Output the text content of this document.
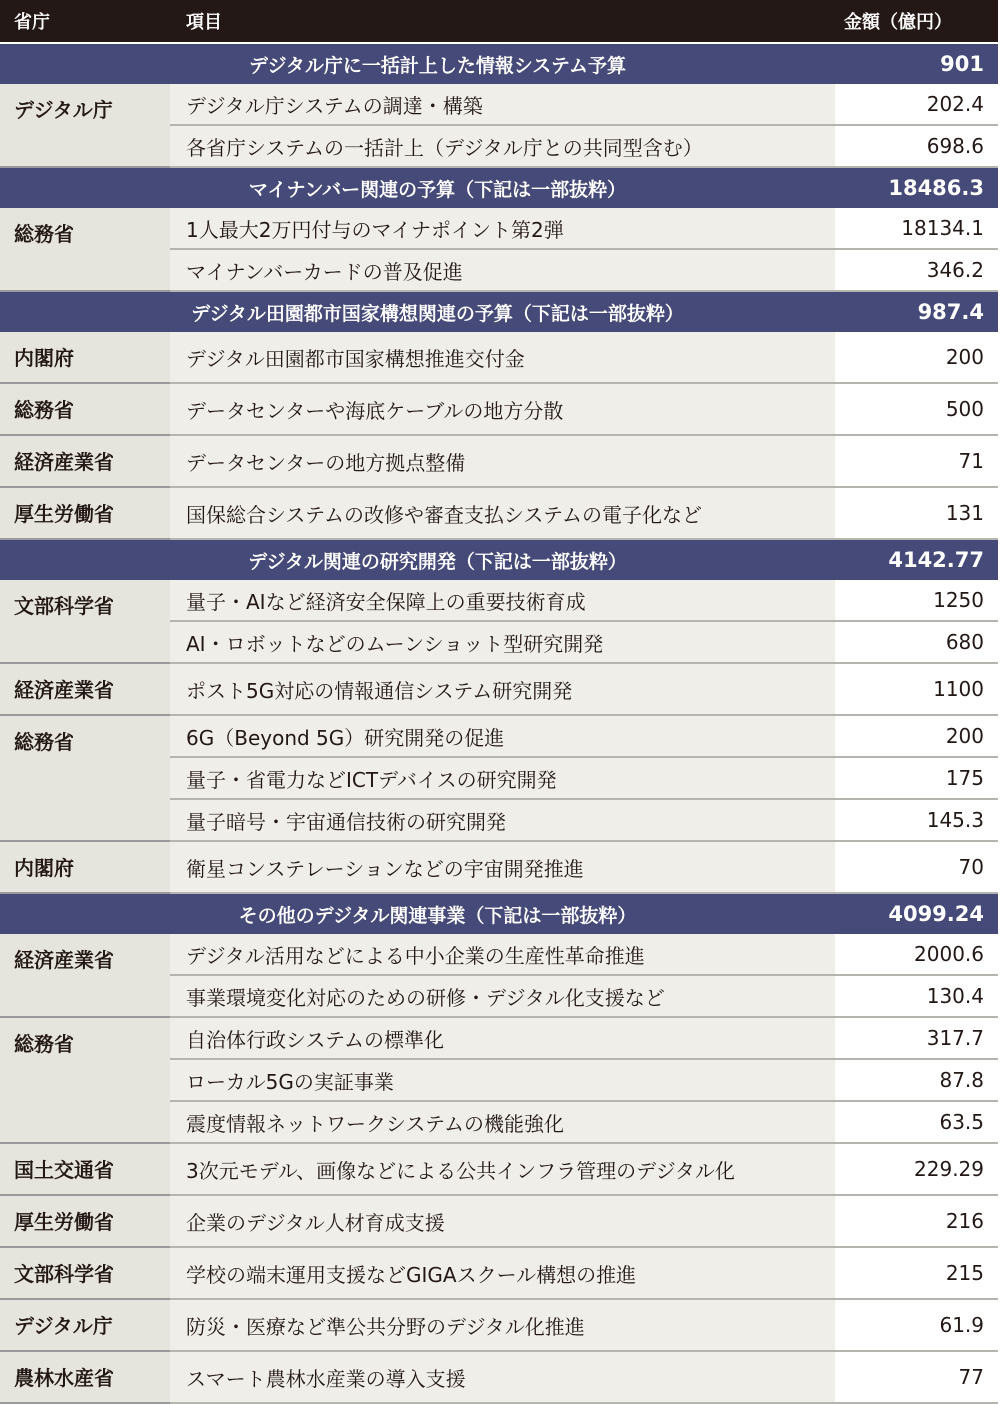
省庁	項目	金額（億円）
デジタル庁に一括計上した情報システム予算		901
デジタル庁	デジタル庁システムの調達・構築	202.4
	各省庁システムの一括計上（デジタル庁との共同型含む）	698.6
マイナンバー関連の予算（下記は一部抜粋）		18486.3
総務省	1人最大2万円付与のマイナポイント第2弾	18134.1
	マイナンバーカードの普及促進	346.2
デジタル田園都市国家構想関連の予算（下記は一部抜粋）		987.4
内閣府	デジタル田園都市国家構想推進交付金	200
総務省	データセンターや海底ケーブルの地方分散	500
経済産業省	データセンターの地方拠点整備	71
厚生労働省	国保総合システムの改修や審査支払システムの電子化など	131
デジタル関連の研究開発（下記は一部抜粋）		4142.77
文部科学省	量子・AIなど経済安全保障上の重要技術育成	1250
	AI・ロボットなどのムーンショット型研究開発	680
経済産業省	ポスト5G対応の情報通信システム研究開発	1100
総務省	6G（Beyond 5G）研究開発の促進	200
	量子・省電力などICTデバイスの研究開発	175
	量子暗号・宇宙通信技術の研究開発	145.3
内閣府	衛星コンステレーションなどの宇宙開発推進	70
その他のデジタル関連事業（下記は一部抜粋）		4099.24
経済産業省	デジタル活用などによる中小企業の生産性革命推進	2000.6
	事業環境変化対応のための研修・デジタル化支援など	130.4
総務省	自治体行政システムの標準化	317.7
	ローカル5Gの実証事業	87.8
	震度情報ネットワークシステムの機能強化	63.5
国土交通省	3次元モデル、画像などによる公共インフラ管理のデジタル化	229.29
厚生労働省	企業のデジタル人材育成支援	216
文部科学省	学校の端末運用支援などGIGAスクール構想の推進	215
デジタル庁	防災・医療など準公共分野のデジタル化推進	61.9
農林水産省	スマート農林水産業の導入支援	77
